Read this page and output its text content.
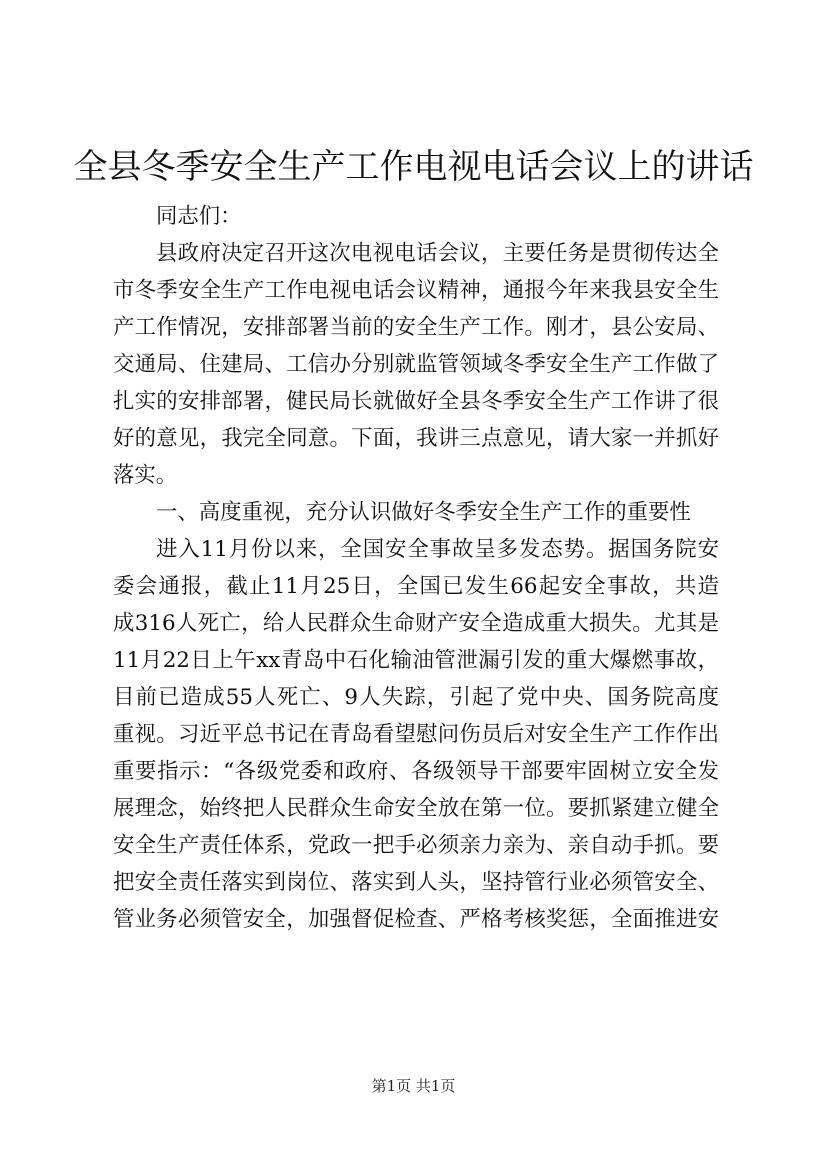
全县冬季安全生产工作电视电话会议上的讲话
同志们：
县政府决定召开这次电视电话会议，主要任务是贯彻传达全
市冬季安全生产工作电视电话会议精神，通报今年来我县安全生
产工作情况，安排部署当前的安全生产工作。刚才，县公安局、
交通局、住建局、工信办分别就监管领域冬季安全生产工作做了
扎实的安排部署，健民局长就做好全县冬季安全生产工作讲了很
好的意见，我完全同意。下面，我讲三点意见，请大家一并抓好
落实。
一、高度重视，充分认识做好冬季安全生产工作的重要性
进入11月份以来，全国安全事故呈多发态势。据国务院安
委会通报，截止11月25日，全国已发生66起安全事故，共造
成316人死亡，给人民群众生命财产安全造成重大损失。尤其是
11月22日上午xx青岛中石化输油管泄漏引发的重大爆燃事故，
目前已造成55人死亡、9人失踪，引起了党中央、国务院高度
重视。习近平总书记在青岛看望慰问伤员后对安全生产工作作出
重要指示：“各级党委和政府、各级领导干部要牢固树立安全发
展理念，始终把人民群众生命安全放在第一位。要抓紧建立健全
安全生产责任体系，党政一把手必须亲力亲为、亲自动手抓。要
把安全责任落实到岗位、落实到人头，坚持管行业必须管安全、
管业务必须管安全，加强督促检查、严格考核奖惩，全面推进安
第1页 共1页
